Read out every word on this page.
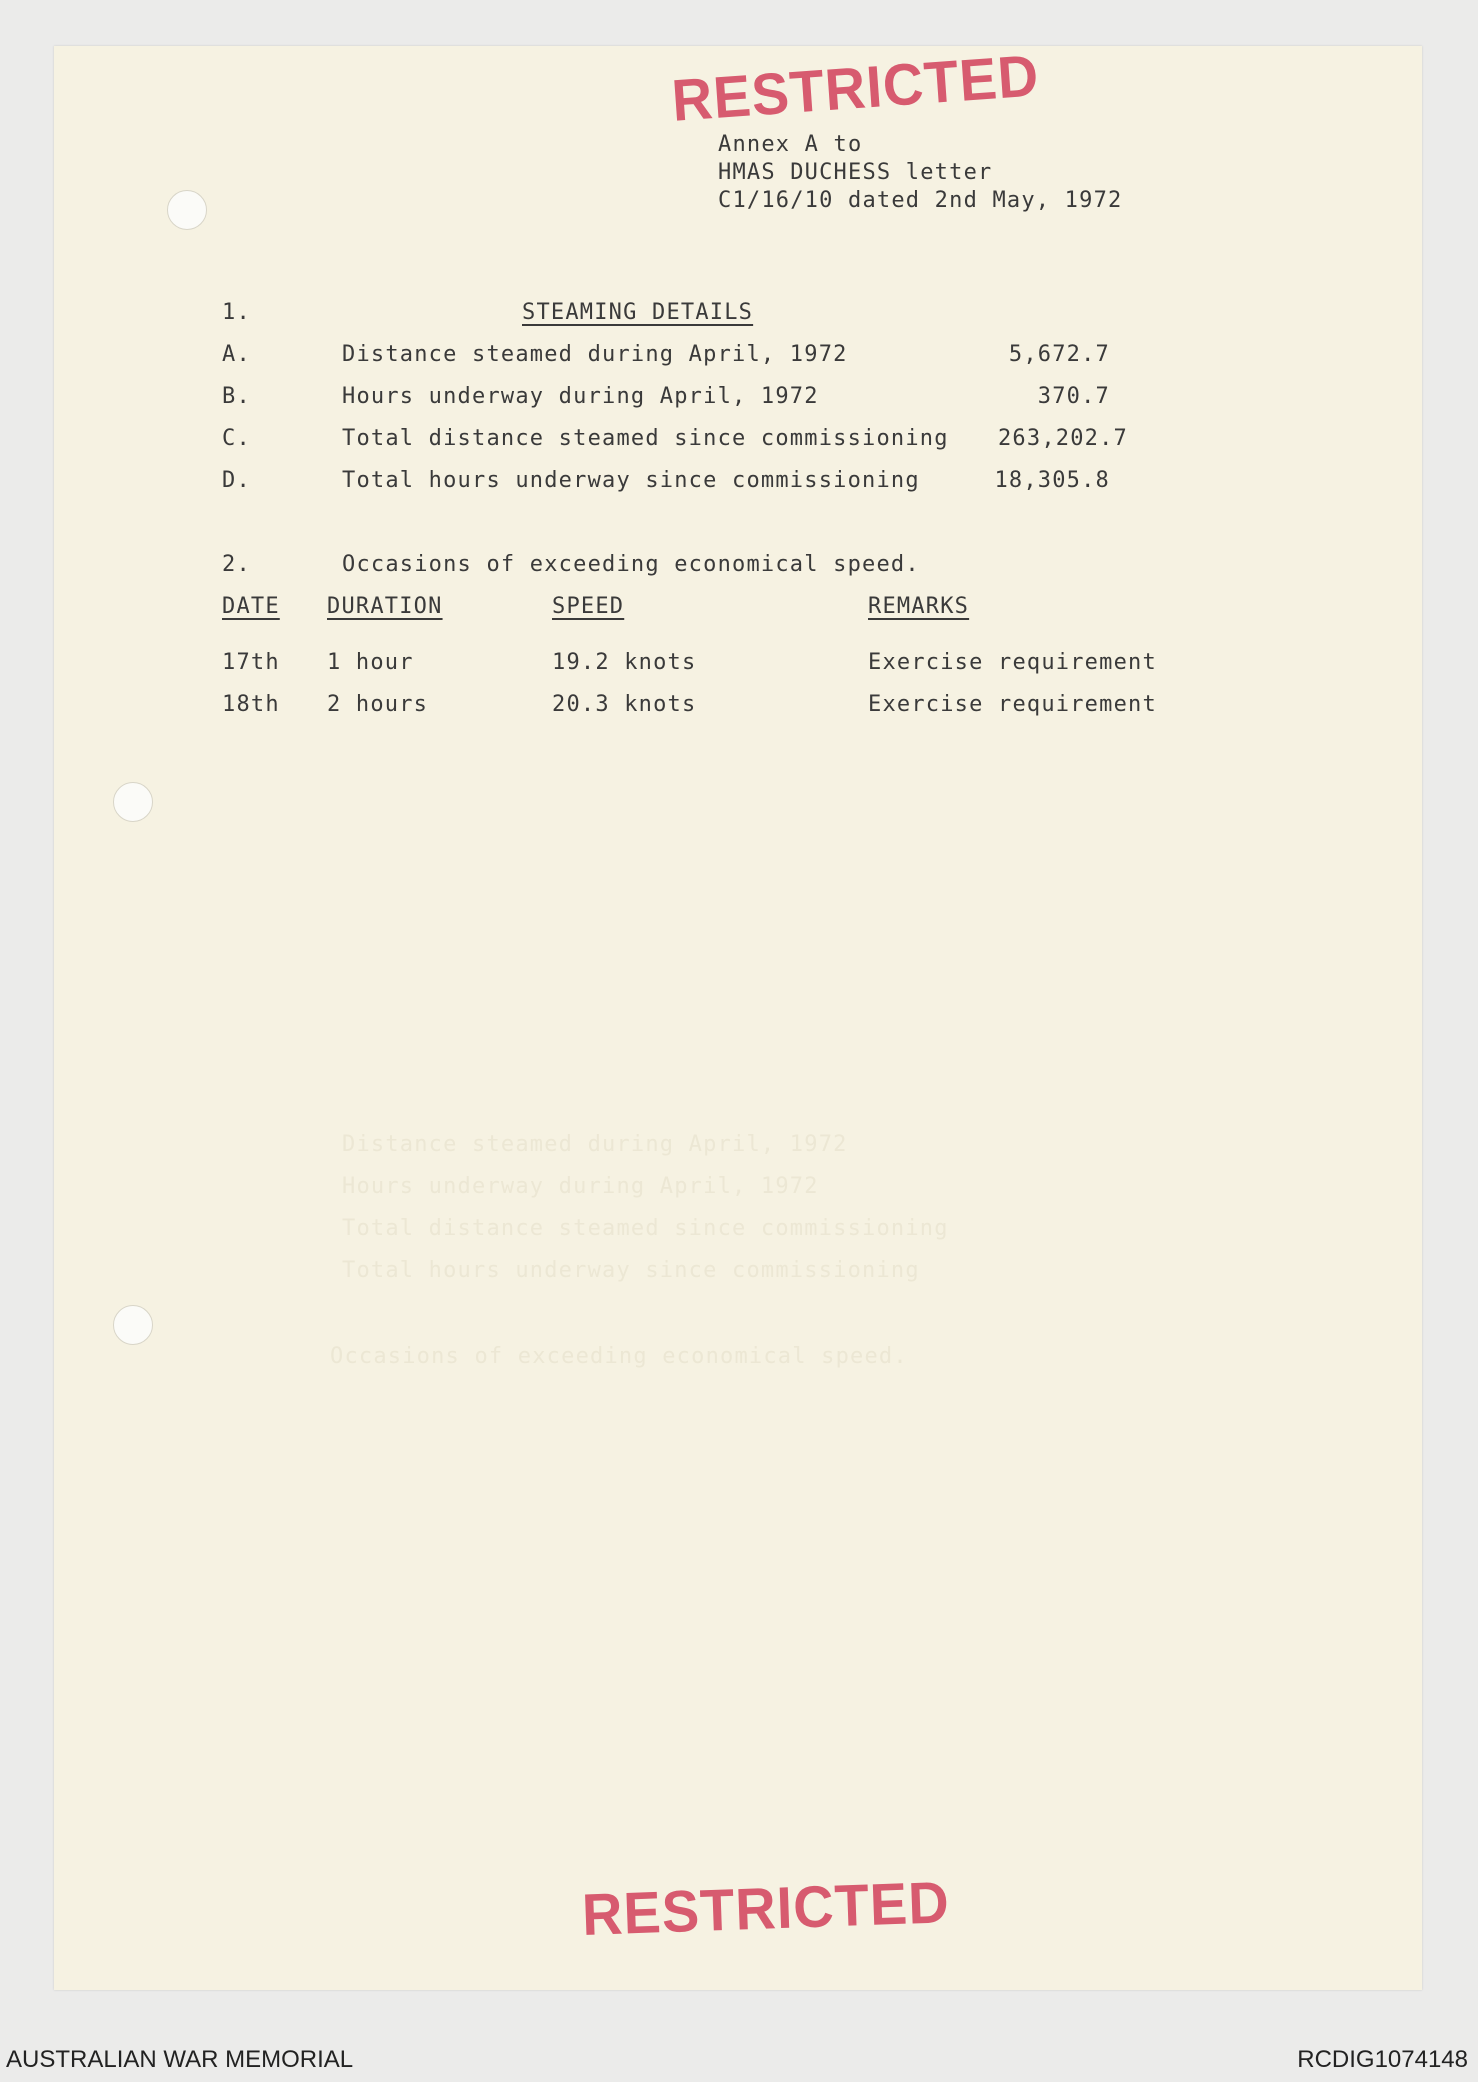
RESTRICTED
Annex A to
HMAS DUCHESS letter
C1/16/10 dated 2nd May, 1972
1.	STEAMING DETAILS
A.	Distance steamed during April, 1972	5,672.7
B.	Hours underway during April, 1972	370.7
C.	Total distance steamed since commissioning	263,202.7
D.	Total hours underway since commissioning	18,305.8
2.	Occasions of exceeding economical speed.
DATE DURATION	SPEED	REMARKS
17th 1 hour	19.2 knots	Exercise requirement
18th 2 hours	20.3 knots	Exercise requirement
Distance steamed during April, 1972
Hours underway during April, 1972
Total distance steamed since commissioning
Total hours underway since commissioning
Occasions of exceeding economical speed.
RESTRICTED
AUSTRALIAN WAR MEMORIAL	RCDIG1074148
